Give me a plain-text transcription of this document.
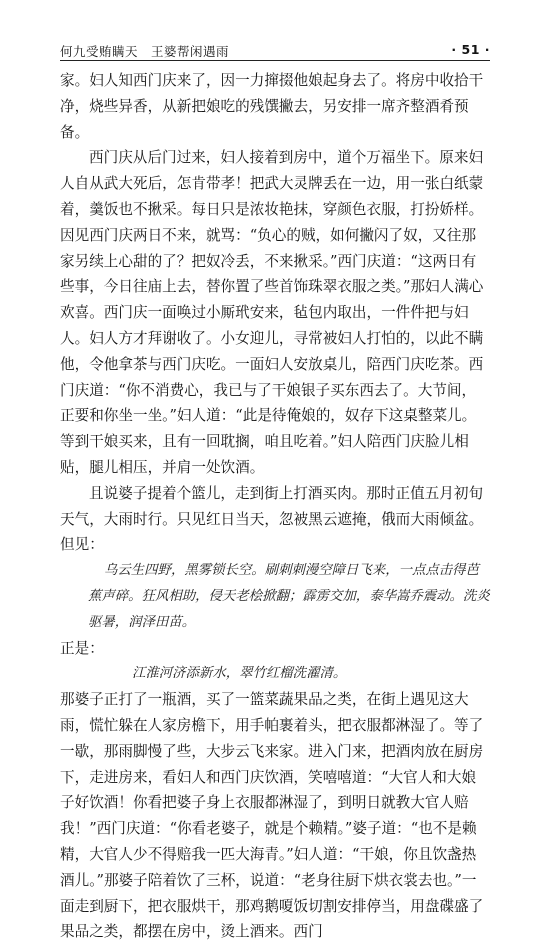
何九受贿瞒天　王婆帮闲遇雨	· 51 ·

家。妇人知西门庆来了，因一力撺掇他娘起身去了。将房中收拾干净，烧些异香，从新把娘吃的残馔撇去，另安排一席齐整酒肴预备。

西门庆从后门过来，妇人接着到房中，道个万福坐下。原来妇人自从武大死后，怎肯带孝！把武大灵牌丢在一边，用一张白纸蒙着，羹饭也不揪采。每日只是浓妆艳抹，穿颜色衣服，打扮娇样。因见西门庆两日不来，就骂：“负心的贼，如何撇闪了奴，又往那家另续上心甜的了？把奴冷丢，不来揪采。”西门庆道：“这两日有些事，今日往庙上去，替你置了些首饰珠翠衣服之类。”那妇人满心欢喜。西门庆一面唤过小厮玳安来，毡包内取出，一件件把与妇人。妇人方才拜谢收了。小女迎儿，寻常被妇人打怕的，以此不瞒他，令他拿茶与西门庆吃。一面妇人安放桌儿，陪西门庆吃茶。西门庆道：“你不消费心，我已与了干娘银子买东西去了。大节间，正要和你坐一坐。”妇人道：“此是待俺娘的，奴存下这桌整菜儿。等到干娘买来，且有一回耽搁，咱且吃着。”妇人陪西门庆脸儿相贴，腿儿相压，并肩一处饮酒。

且说婆子提着个篮儿，走到街上打酒买肉。那时正值五月初旬天气，大雨时行。只见红日当天，忽被黑云遮掩，俄而大雨倾盆。但见：

乌云生四野，黑雾锁长空。刷刺刺漫空障日飞来，一点点击得芭蕉声碎。狂风相助，侵天老桧掀翻；霹雳交加，泰华嵩乔震动。洗炎驱暑，润泽田苗。

正是：

江淮河济添新水，翠竹红榴洗濯清。

那婆子正打了一瓶酒，买了一篮菜蔬果品之类，在街上遇见这大雨，慌忙躲在人家房檐下，用手帕裹着头，把衣服都淋湿了。等了一歇，那雨脚慢了些，大步云飞来家。进入门来，把酒肉放在厨房下，走进房来，看妇人和西门庆饮酒，笑嘻嘻道：“大官人和大娘子好饮酒！你看把婆子身上衣服都淋湿了，到明日就教大官人赔我！”西门庆道：“你看老婆子，就是个赖精。”婆子道：“也不是赖精，大官人少不得赔我一匹大海青。”妇人道：“干娘，你且饮盏热酒儿。”那婆子陪着饮了三杯，说道：“老身往厨下烘衣裳去也。”一面走到厨下，把衣服烘干，那鸡鹅嗄饭切割安排停当，用盘碟盛了果品之类，都摆在房中，烫上酒来。西门
